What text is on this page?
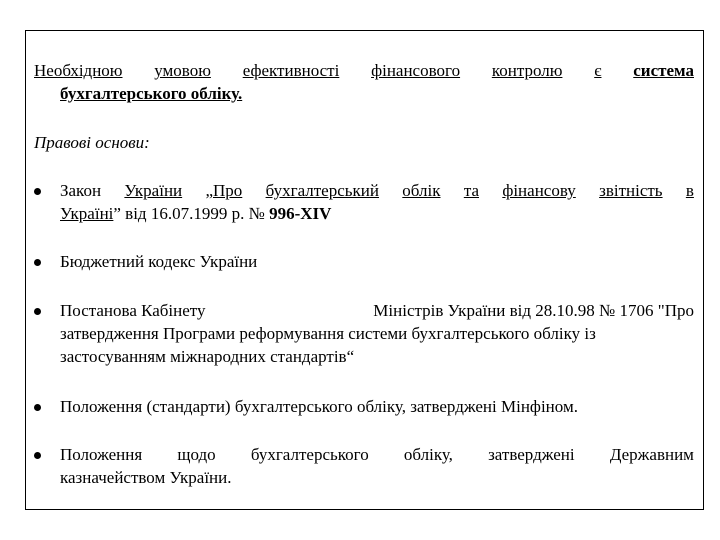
Необхідною умовою ефективності фінансового контролю є система
бухгалтерського обліку.
Правові основи:
Закон України „Про бухгалтерський облік та фінансову звітність в
Україні” від 16.07.1999 р. № 996-XIV
Бюджетний кодекс України
Постанова Кабінету	Міністрів України від 28.10.98 № 1706 "Про
затвердження Програми реформування системи бухгалтерського обліку із
застосуванням міжнародних стандартів“
Положення (стандарти) бухгалтерського обліку, затверджені Мінфіном.
Положення щодо бухгалтерського обліку, затверджені Державним
казначейством України.
